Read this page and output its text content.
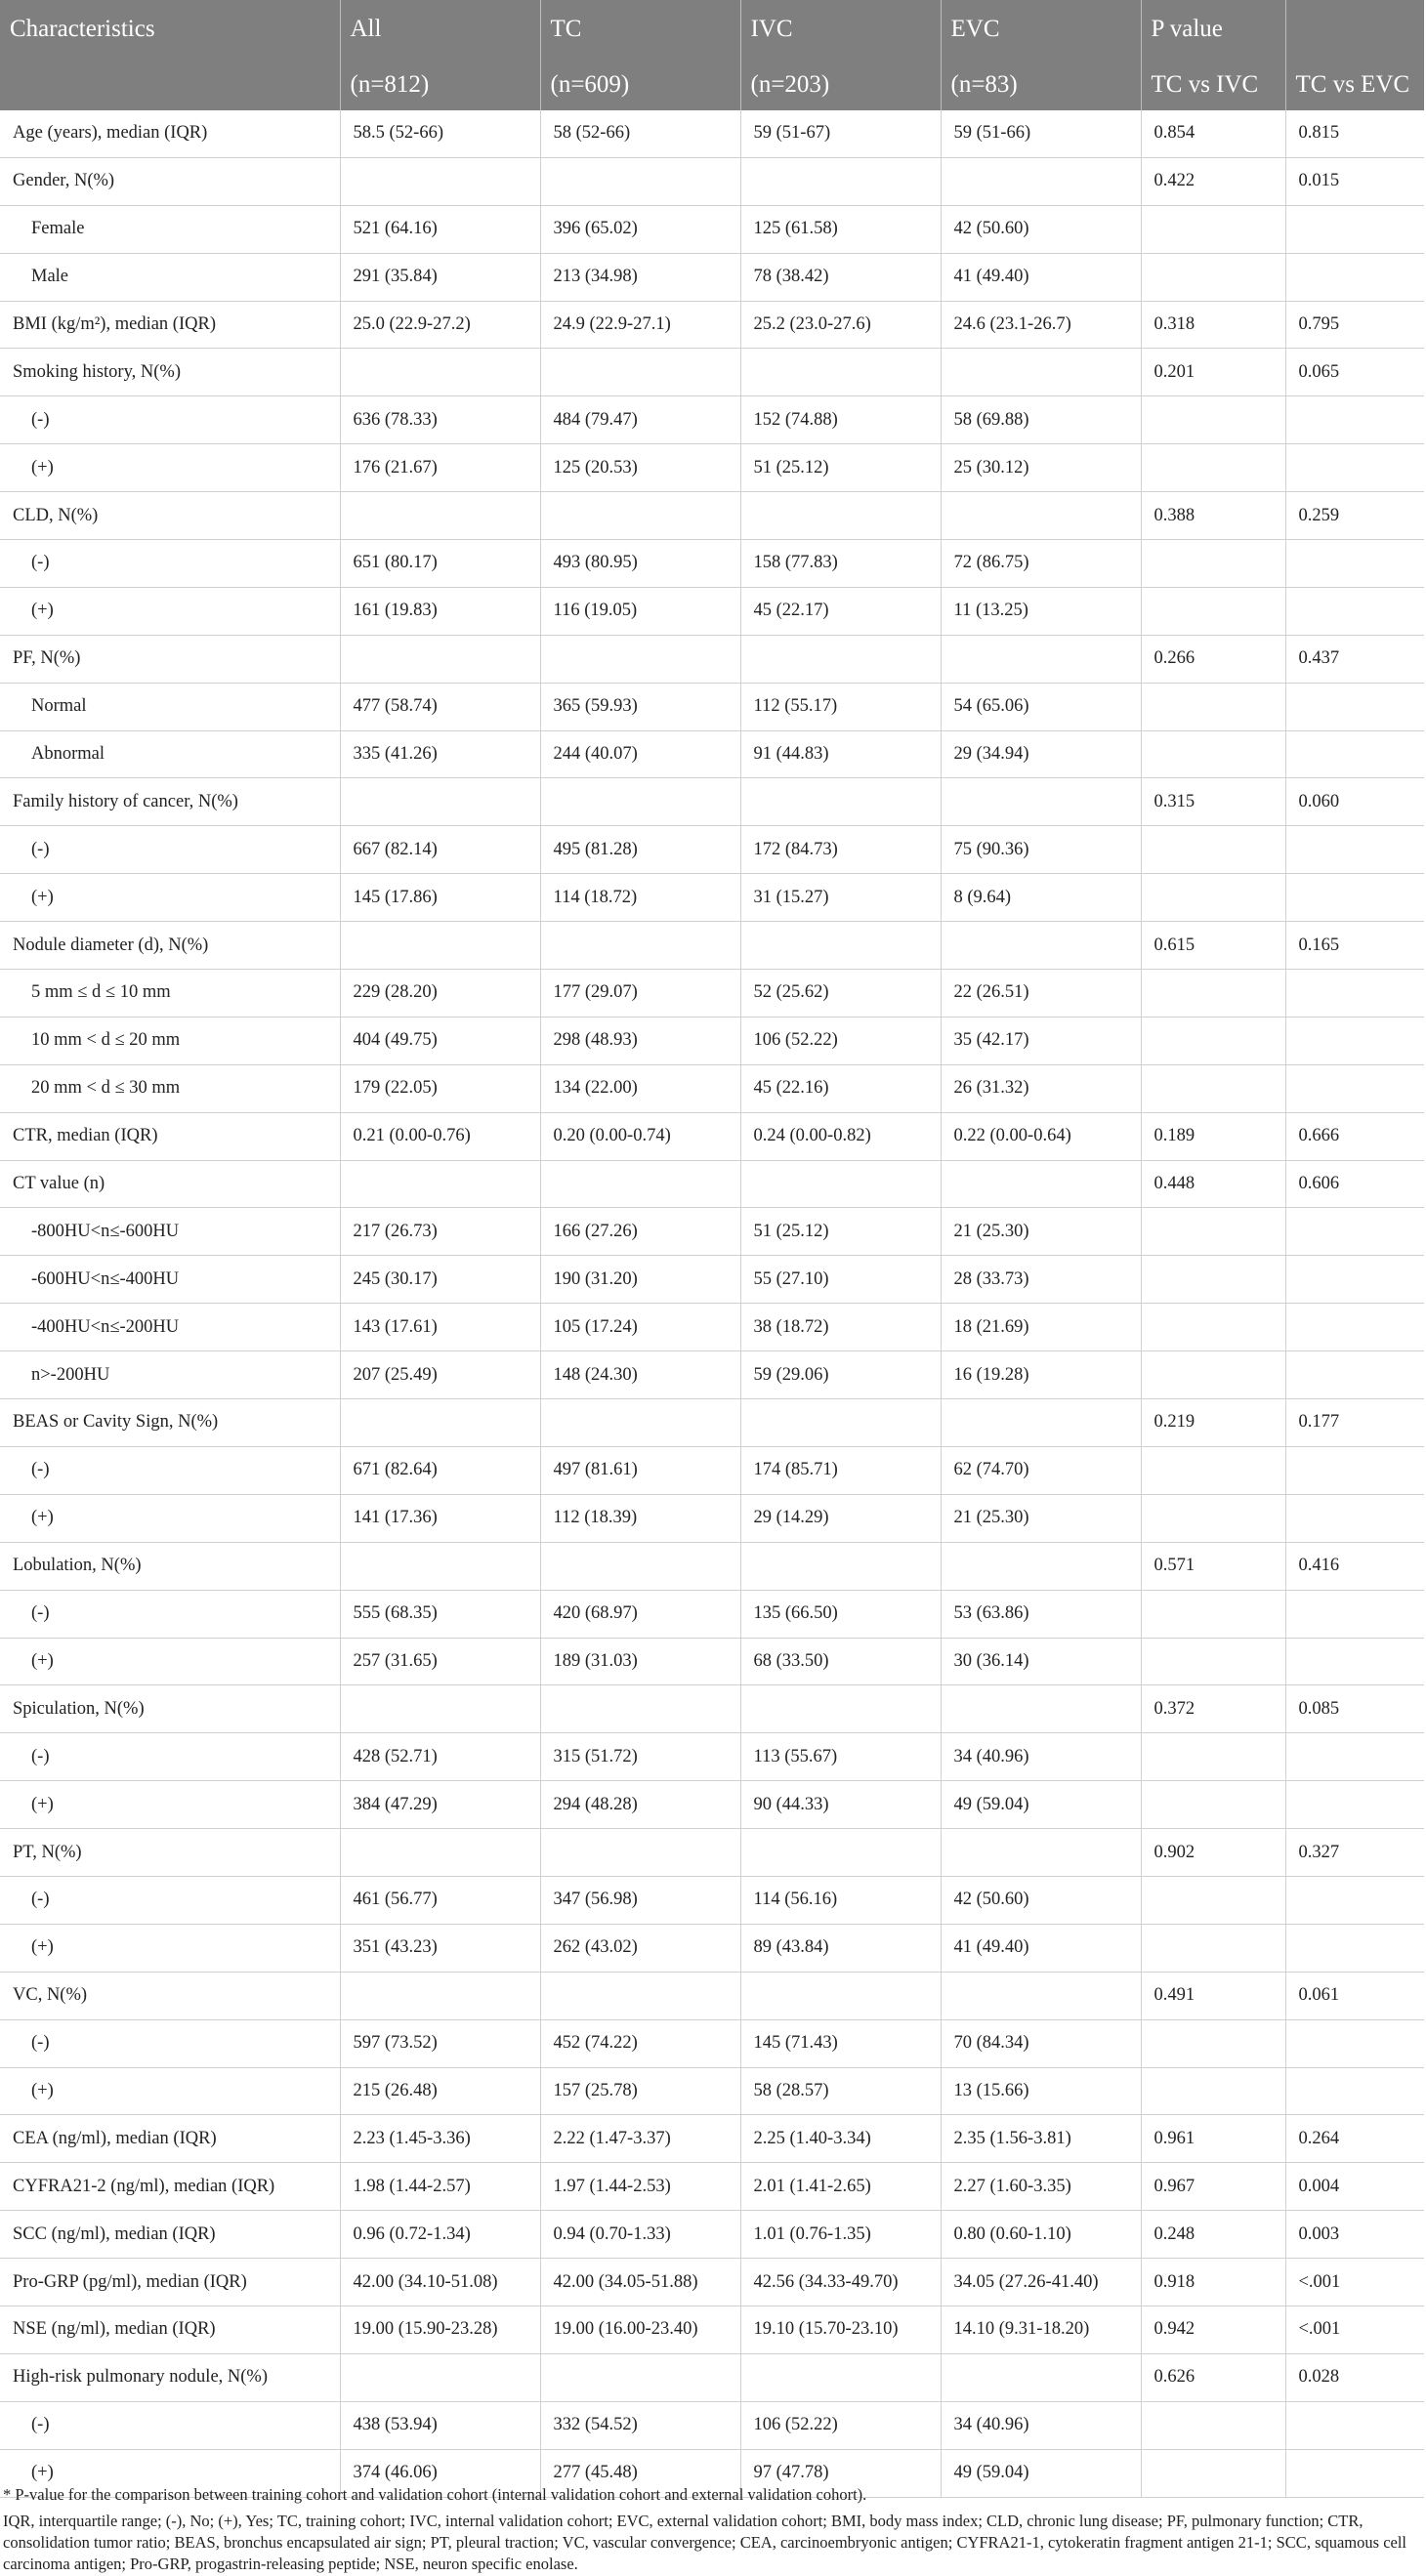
Characteristics	All	TC	IVC	EVC	P value	
	(n=812)	(n=609)	(n=203)	(n=83)	TC vs IVC	TC vs EVC
Age (years), median (IQR)	58.5 (52-66)	58 (52-66)	59 (51-67)	59 (51-66)	0.854	0.815
Gender, N(%)					0.422	0.015
Female	521 (64.16)	396 (65.02)	125 (61.58)	42 (50.60)		
Male	291 (35.84)	213 (34.98)	78 (38.42)	41 (49.40)		
BMI (kg/m²), median (IQR)	25.0 (22.9-27.2)	24.9 (22.9-27.1)	25.2 (23.0-27.6)	24.6 (23.1-26.7)	0.318	0.795
Smoking history, N(%)					0.201	0.065
(-)	636 (78.33)	484 (79.47)	152 (74.88)	58 (69.88)		
(+)	176 (21.67)	125 (20.53)	51 (25.12)	25 (30.12)		
CLD, N(%)					0.388	0.259
(-)	651 (80.17)	493 (80.95)	158 (77.83)	72 (86.75)		
(+)	161 (19.83)	116 (19.05)	45 (22.17)	11 (13.25)		
PF, N(%)					0.266	0.437
Normal	477 (58.74)	365 (59.93)	112 (55.17)	54 (65.06)		
Abnormal	335 (41.26)	244 (40.07)	91 (44.83)	29 (34.94)		
Family history of cancer, N(%)					0.315	0.060
(-)	667 (82.14)	495 (81.28)	172 (84.73)	75 (90.36)		
(+)	145 (17.86)	114 (18.72)	31 (15.27)	8 (9.64)		
Nodule diameter (d), N(%)					0.615	0.165
5 mm ≤ d ≤ 10 mm	229 (28.20)	177 (29.07)	52 (25.62)	22 (26.51)		
10 mm < d ≤ 20 mm	404 (49.75)	298 (48.93)	106 (52.22)	35 (42.17)		
20 mm < d ≤ 30 mm	179 (22.05)	134 (22.00)	45 (22.16)	26 (31.32)		
CTR, median (IQR)	0.21 (0.00-0.76)	0.20 (0.00-0.74)	0.24 (0.00-0.82)	0.22 (0.00-0.64)	0.189	0.666
CT value (n)					0.448	0.606
-800HU<n≤-600HU	217 (26.73)	166 (27.26)	51 (25.12)	21 (25.30)		
-600HU<n≤-400HU	245 (30.17)	190 (31.20)	55 (27.10)	28 (33.73)		
-400HU<n≤-200HU	143 (17.61)	105 (17.24)	38 (18.72)	18 (21.69)		
n>-200HU	207 (25.49)	148 (24.30)	59 (29.06)	16 (19.28)		
BEAS or Cavity Sign, N(%)					0.219	0.177
(-)	671 (82.64)	497 (81.61)	174 (85.71)	62 (74.70)		
(+)	141 (17.36)	112 (18.39)	29 (14.29)	21 (25.30)		
Lobulation, N(%)					0.571	0.416
(-)	555 (68.35)	420 (68.97)	135 (66.50)	53 (63.86)		
(+)	257 (31.65)	189 (31.03)	68 (33.50)	30 (36.14)		
Spiculation, N(%)					0.372	0.085
(-)	428 (52.71)	315 (51.72)	113 (55.67)	34 (40.96)		
(+)	384 (47.29)	294 (48.28)	90 (44.33)	49 (59.04)		
PT, N(%)					0.902	0.327
(-)	461 (56.77)	347 (56.98)	114 (56.16)	42 (50.60)		
(+)	351 (43.23)	262 (43.02)	89 (43.84)	41 (49.40)		
VC, N(%)					0.491	0.061
(-)	597 (73.52)	452 (74.22)	145 (71.43)	70 (84.34)		
(+)	215 (26.48)	157 (25.78)	58 (28.57)	13 (15.66)		
CEA (ng/ml), median (IQR)	2.23 (1.45-3.36)	2.22 (1.47-3.37)	2.25 (1.40-3.34)	2.35 (1.56-3.81)	0.961	0.264
CYFRA21-2 (ng/ml), median (IQR)	1.98 (1.44-2.57)	1.97 (1.44-2.53)	2.01 (1.41-2.65)	2.27 (1.60-3.35)	0.967	0.004
SCC (ng/ml), median (IQR)	0.96 (0.72-1.34)	0.94 (0.70-1.33)	1.01 (0.76-1.35)	0.80 (0.60-1.10)	0.248	0.003
Pro-GRP (pg/ml), median (IQR)	42.00 (34.10-51.08)	42.00 (34.05-51.88)	42.56 (34.33-49.70)	34.05 (27.26-41.40)	0.918	<.001
NSE (ng/ml), median (IQR)	19.00 (15.90-23.28)	19.00 (16.00-23.40)	19.10 (15.70-23.10)	14.10 (9.31-18.20)	0.942	<.001
High-risk pulmonary nodule, N(%)					0.626	0.028
(-)	438 (53.94)	332 (54.52)	106 (52.22)	34 (40.96)		
(+)	374 (46.06)	277 (45.48)	97 (47.78)	49 (59.04)		

* P-value for the comparison between training cohort and validation cohort (internal validation cohort and external validation cohort).

IQR, interquartile range; (-), No; (+), Yes; TC, training cohort; IVC, internal validation cohort; EVC, external validation cohort; BMI, body mass index; CLD, chronic lung disease; PF, pulmonary function; CTR, consolidation tumor ratio; BEAS, bronchus encapsulated air sign; PT, pleural traction; VC, vascular convergence; CEA, carcinoembryonic antigen; CYFRA21-1, cytokeratin fragment antigen 21-1; SCC, squamous cell carcinoma antigen; Pro-GRP, progastrin-releasing peptide; NSE, neuron specific enolase.
